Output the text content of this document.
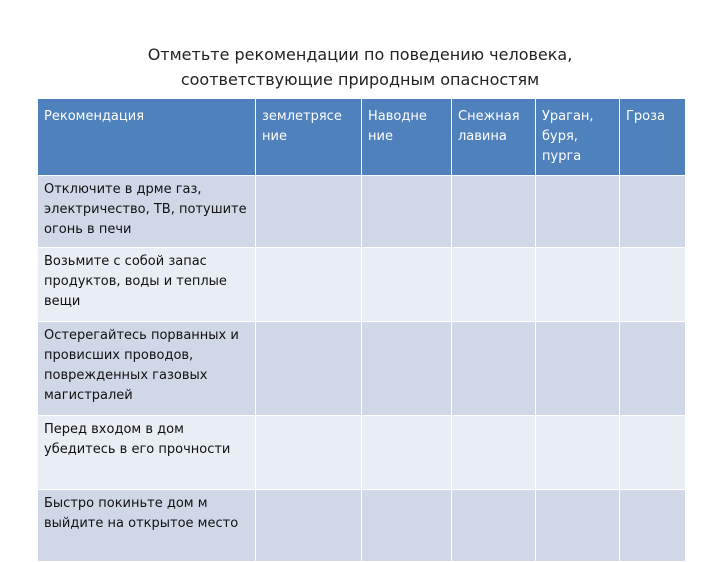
Отметьте рекомендации по поведению человека,
соответствующие природным опасностям
Рекомендация	землетрясе ние	Наводне ние	Снежная лавина	Ураган, буря, пурга	Гроза
Отключите в дрме газ, электричество, ТВ, потушите огонь в печи					
Возьмите с собой запас продуктов, воды и теплые вещи					
Остерегайтесь порванных и провисших проводов, поврежденных газовых магистралей					
Перед входом в дом убедитесь в его прочности					
Быстро покиньте дом м выйдите на открытое место					
